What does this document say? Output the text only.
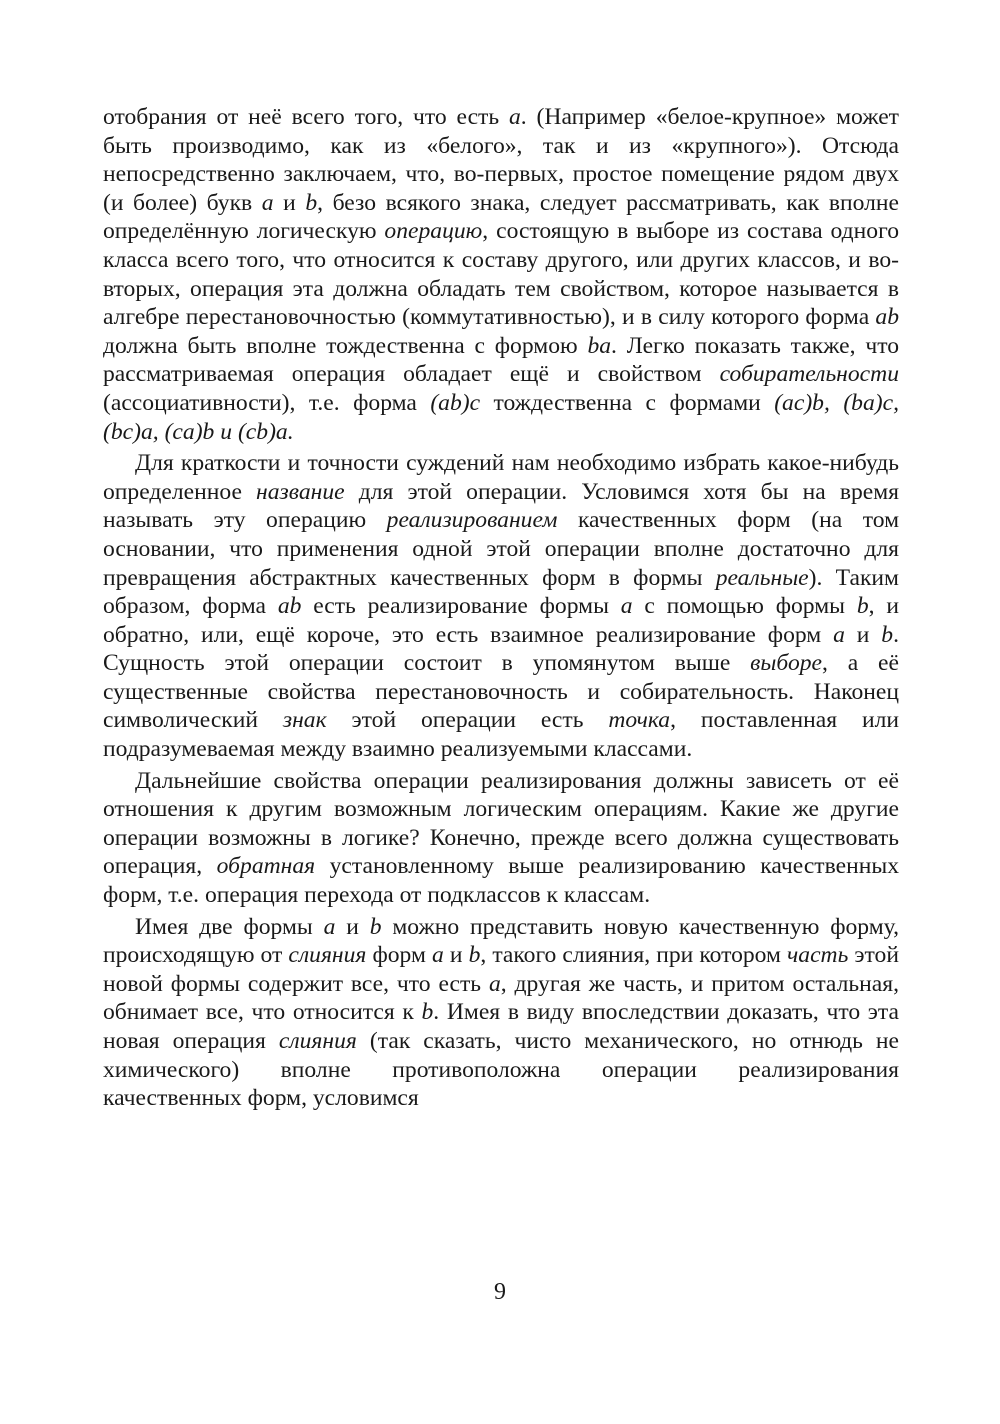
отобрания от неё всего того, что есть a. (Например «белое-крупное» может быть производимо, как из «белого», так и из «крупного»). Отсюда непосредственно заключаем, что, во-первых, простое помещение рядом двух (и более) букв a и b, безо всякого знака, следует рассматривать, как вполне определённую логическую операцию, состоящую в выборе из состава одного класса всего того, что относится к составу другого, или других классов, и во-вторых, операция эта должна обладать тем свойством, которое называется в алгебре перестановочностью (коммутативностью), и в силу которого форма ab должна быть вполне тождественна с формою ba. Легко показать также, что рассматриваемая операция обладает ещё и свойством собирательности (ассоциативности), т.е. форма (ab)c тождественна с формами (ac)b, (ba)c, (bc)a, (ca)b и (cb)a.

Для краткости и точности суждений нам необходимо избрать какое-нибудь определенное название для этой операции. Условимся хотя бы на время называть эту операцию реализированием качественных форм (на том основании, что применения одной этой операции вполне достаточно для превращения абстрактных качественных форм в формы реальные). Таким образом, форма ab есть реализирование формы a с помощью формы b, и обратно, или, ещё короче, это есть взаимное реализирование форм a и b. Сущность этой операции состоит в упомянутом выше выборе, а её существенные свойства перестановочность и собирательность. Наконец символический знак этой операции есть точка, поставленная или подразумеваемая между взаимно реализуемыми классами.

Дальнейшие свойства операции реализирования должны зависеть от её отношения к другим возможным логическим операциям. Какие же другие операции возможны в логике? Конечно, прежде всего должна существовать операция, обратная установленному выше реализированию качественных форм, т.е. операция перехода от подклассов к классам.

Имея две формы a и b можно представить новую качественную форму, происходящую от слияния форм a и b, такого слияния, при котором часть этой новой формы содержит все, что есть a, другая же часть, и притом остальная, обнимает все, что относится к b. Имея в виду впоследствии доказать, что эта новая операция слияния (так сказать, чисто механического, но отнюдь не химического) вполне противоположна операции реализирования качественных форм, условимся

9
